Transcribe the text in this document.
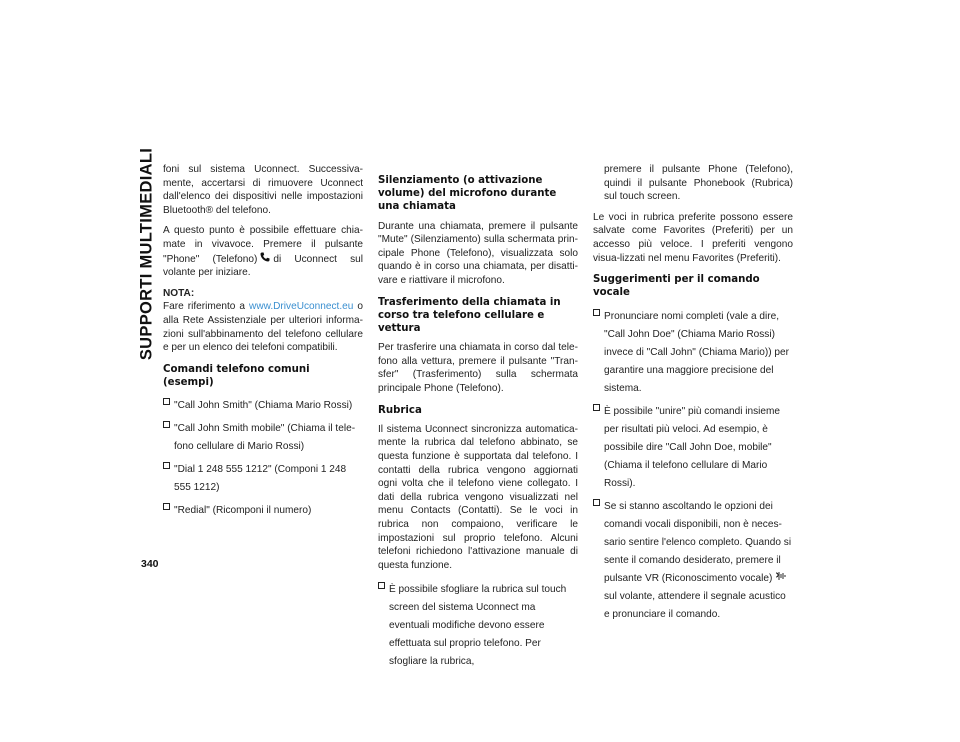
SUPPORTI MULTIMEDIALI
340

foni sul sistema Uconnect. Successiva-mente, accertarsi di rimuovere Uconnect dall'elenco dei dispositivi nelle impostazioni Bluetooth® del telefono.

A questo punto è possibile effettuare chia-mate in vivavoce. Premere il pulsante "Phone" (Telefono) di Uconnect sul volante per iniziare.

NOTA:
Fare riferimento a www.DriveUconnect.eu o alla Rete Assistenziale per ulteriori informa-zioni sull'abbinamento del telefono cellulare e per un elenco dei telefoni compatibili.
Comandi telefono comuni (esempi)
"Call John Smith" (Chiama Mario Rossi)
"Call John Smith mobile" (Chiama il tele-fono cellulare di Mario Rossi)
"Dial 1 248 555 1212" (Componi 1 248 555 1212)
"Redial" (Ricomponi il numero)
Silenziamento (o attivazione volume) del microfono durante una chiamata

Durante una chiamata, premere il pulsante "Mute" (Silenziamento) sulla schermata prin-cipale Phone (Telefono), visualizzata solo quando è in corso una chiamata, per disatti-vare e riattivare il microfono.

Trasferimento della chiamata in corso tra telefono cellulare e vettura

Per trasferire una chiamata in corso dal tele-fono alla vettura, premere il pulsante "Tran-sfer" (Trasferimento) sulla schermata principale Phone (Telefono).

Rubrica

Il sistema Uconnect sincronizza automatica-mente la rubrica dal telefono abbinato, se questa funzione è supportata dal telefono. I contatti della rubrica vengono aggiornati ogni volta che il telefono viene collegato. I dati della rubrica vengono visualizzati nel menu Contacts (Contatti). Se le voci in rubrica non compaiono, verificare le impostazioni sul proprio telefono. Alcuni telefoni richiedono l'attivazione manuale di questa funzione.

È possibile sfogliare la rubrica sul touch screen del sistema Uconnect ma eventuali modifiche devono essere effettuata sul proprio telefono. Per sfogliare la rubrica,

premere il pulsante Phone (Telefono), quindi il pulsante Phonebook (Rubrica) sul touch screen.

Le voci in rubrica preferite possono essere salvate come Favorites (Preferiti) per un accesso più veloce. I preferiti vengono visua-lizzati nel menu Favorites (Preferiti).

Suggerimenti per il comando vocale
Pronunciare nomi completi (vale a dire, "Call John Doe" (Chiama Mario Rossi) invece di "Call John" (Chiama Mario)) per garantire una maggiore precisione del sistema.
È possibile "unire" più comandi insieme per risultati più veloci. Ad esempio, è possibile dire "Call John Doe, mobile" (Chiama il telefono cellulare di Mario Rossi).
Se si stanno ascoltando le opzioni dei comandi vocali disponibili, non è neces-sario sentire l'elenco completo. Quando si sente il comando desiderato, premere il pulsante VR (Riconoscimento vocale)sul volante, attendere il segnale acustico e pronunciare il comando.
